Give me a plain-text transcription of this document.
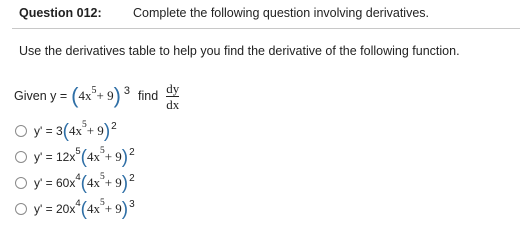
Question 012:	Complete the following question involving derivatives.
Use the derivatives table to help you find the derivative of the following function.
Given y = ( 4x 5 + 9 ) 3 find $\frac{dy}{dx}$
y' = 3 ( 4x 5 + 9 ) 2
y' = 12x 5 ( 4x 5 + 9 ) 2
y' = 60x 4 ( 4x 5 + 9 ) 2
y' = 20x 4 ( 4x 5 + 9 ) 3
